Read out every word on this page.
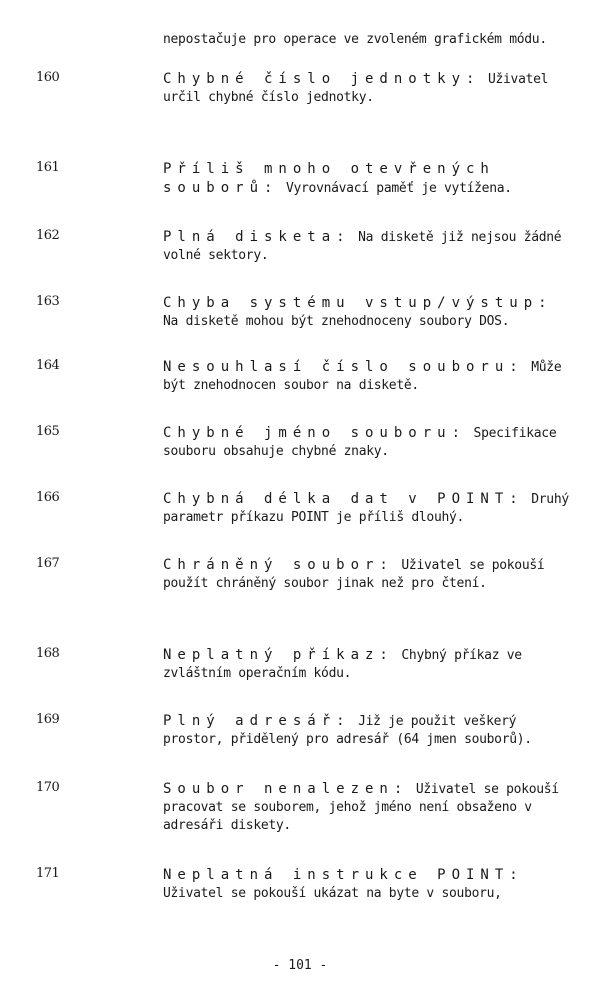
nepostačuje pro operace ve zvoleném grafickém módu.
160	Chybné číslo jednotky: Uživatel určil chybné číslo jednotky.
161	Příliš mnoho otevřených souborů: Vyrovnávací paměť je vytížena.
162	Plná disketa: Na disketě již nejsou žádné volné sektory.
163	Chyba systému vstup/výstup: Na disketě mohou být znehodnoceny soubory DOS.
164	Nesouhlasí číslo souboru: Může být znehodnocen soubor na disketě.
165	Chybné jméno souboru: Specifikace souboru obsahuje chybné znaky.
166	Chybná délka dat v POINT: Druhý parametr příkazu POINT je příliš dlouhý.
167	Chráněný soubor: Uživatel se pokouší použít chráněný soubor jinak než pro čtení.
168	Neplatný příkaz: Chybný příkaz ve zvláštním operačním kódu.
169	Plný adresář: Již je použit veškerý prostor, přidělený pro adresář (64 jmen souborů).
170	Soubor nenalezen: Uživatel se pokouší pracovat se souborem, jehož jméno není obsaženo v adresáři diskety.
171	Neplatná instrukce POINT: Uživatel se pokouší ukázat na byte v souboru,
- 101 -
